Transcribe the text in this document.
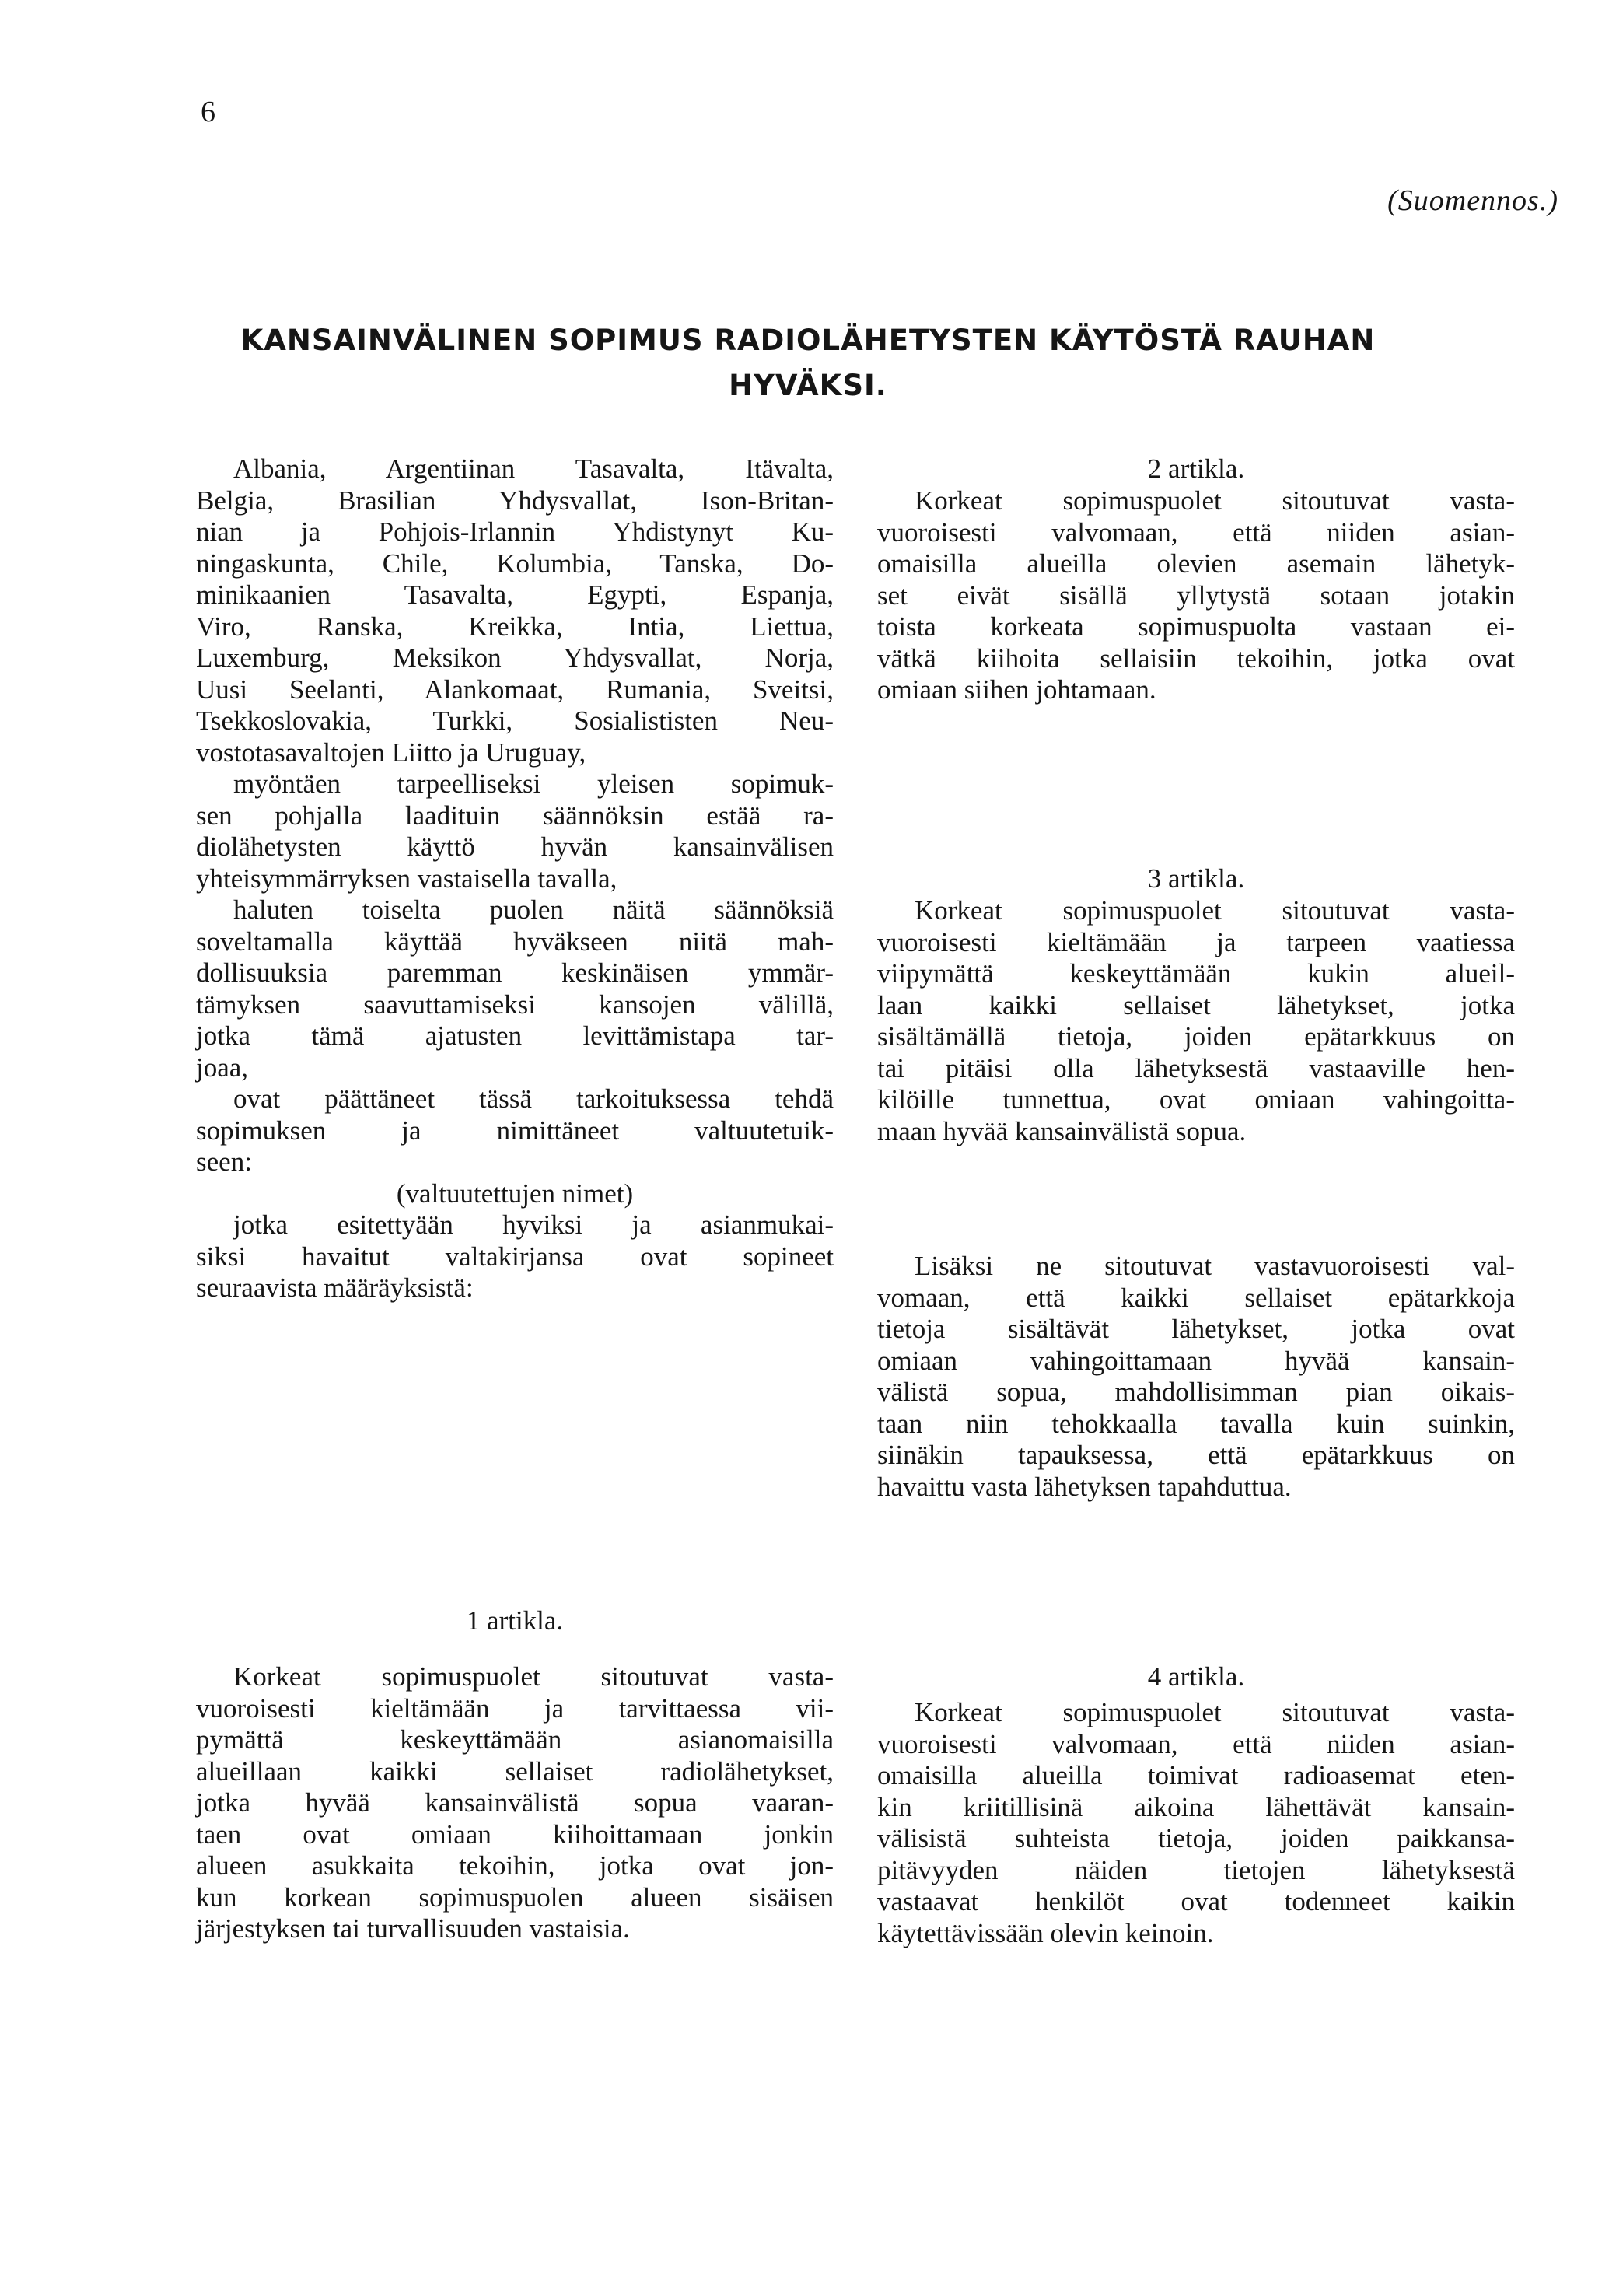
6
(Suomennos.)
KANSAINVÄLINEN SOPIMUS RADIOLÄHETYSTEN KÄYTÖSTÄ RAUHAN
HYVÄKSI.
Albania, Argentiinan Tasavalta, Itävalta,
Belgia, Brasilian Yhdysvallat, Ison-Britan-
nian ja Pohjois-Irlannin Yhdistynyt Ku-
ningaskunta, Chile, Kolumbia, Tanska, Do-
minikaanien Tasavalta, Egypti, Espanja,
Viro, Ranska, Kreikka, Intia, Liettua,
Luxemburg, Meksikon Yhdysvallat, Norja,
Uusi Seelanti, Alankomaat, Rumania, Sveitsi,
Tsekkoslovakia, Turkki, Sosialististen Neu-
vostotasavaltojen Liitto ja Uruguay,
myöntäen tarpeelliseksi yleisen sopimuk-
sen pohjalla laadituin säännöksin estää ra-
diolähetysten käyttö hyvän kansainvälisen
yhteisymmärryksen vastaisella tavalla,
haluten toiselta puolen näitä säännöksiä
soveltamalla käyttää hyväkseen niitä mah-
dollisuuksia paremman keskinäisen ymmär-
tämyksen saavuttamiseksi kansojen välillä,
jotka tämä ajatusten levittämistapa tar-
joaa,
ovat päättäneet tässä tarkoituksessa tehdä
sopimuksen ja nimittäneet valtuutetuik-
seen:
(valtuutettujen nimet)
jotka esitettyään hyviksi ja asianmukai-
siksi havaitut valtakirjansa ovat sopineet
seuraavista määräyksistä:
1 artikla.
Korkeat sopimuspuolet sitoutuvat vasta-
vuoroisesti kieltämään ja tarvittaessa vii-
pymättä keskeyttämään asianomaisilla
alueillaan kaikki sellaiset radiolähetykset,
jotka hyvää kansainvälistä sopua vaaran-
taen ovat omiaan kiihoittamaan jonkin
alueen asukkaita tekoihin, jotka ovat jon-
kun korkean sopimuspuolen alueen sisäisen
järjestyksen tai turvallisuuden vastaisia.
2 artikla.
Korkeat sopimuspuolet sitoutuvat vasta-
vuoroisesti valvomaan, että niiden asian-
omaisilla alueilla olevien asemain lähetyk-
set eivät sisällä yllytystä sotaan jotakin
toista korkeata sopimuspuolta vastaan ei-
vätkä kiihoita sellaisiin tekoihin, jotka ovat
omiaan siihen johtamaan.
3 artikla.
Korkeat sopimuspuolet sitoutuvat vasta-
vuoroisesti kieltämään ja tarpeen vaatiessa
viipymättä keskeyttämään kukin alueil-
laan kaikki sellaiset lähetykset, jotka
sisältämällä tietoja, joiden epätarkkuus on
tai pitäisi olla lähetyksestä vastaaville hen-
kilöille tunnettua, ovat omiaan vahingoitta-
maan hyvää kansainvälistä sopua.
Lisäksi ne sitoutuvat vastavuoroisesti val-
vomaan, että kaikki sellaiset epätarkkoja
tietoja sisältävät lähetykset, jotka ovat
omiaan vahingoittamaan hyvää kansain-
välistä sopua, mahdollisimman pian oikais-
taan niin tehokkaalla tavalla kuin suinkin,
siinäkin tapauksessa, että epätarkkuus on
havaittu vasta lähetyksen tapahduttua.
4 artikla.
Korkeat sopimuspuolet sitoutuvat vasta-
vuoroisesti valvomaan, että niiden asian-
omaisilla alueilla toimivat radioasemat eten-
kin kriitillisinä aikoina lähettävät kansain-
välisistä suhteista tietoja, joiden paikkansa-
pitävyyden näiden tietojen lähetyksestä
vastaavat henkilöt ovat todenneet kaikin
käytettävissään olevin keinoin.
